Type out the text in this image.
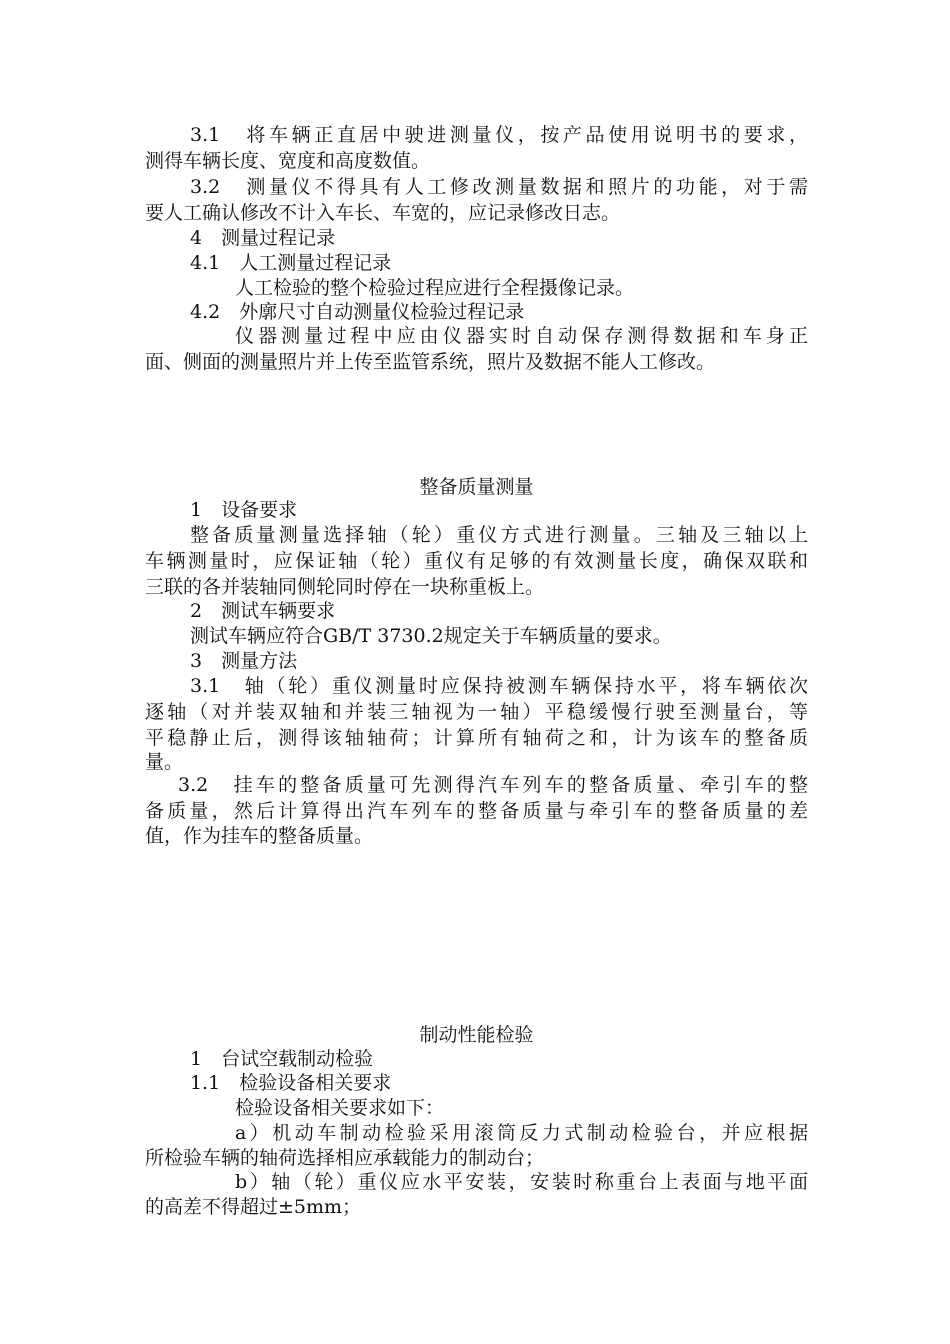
3.1　将车辆正直居中驶进测量仪，按产品使用说明书的要求，
测得车辆长度、宽度和高度数值。
3.2　测量仪不得具有人工修改测量数据和照片的功能，对于需
要人工确认修改不计入车长、车宽的，应记录修改日志。
4　测量过程记录
4.1　人工测量过程记录
人工检验的整个检验过程应进行全程摄像记录。
4.2　外廓尺寸自动测量仪检验过程记录
仪器测量过程中应由仪器实时自动保存测得数据和车身正
面、侧面的测量照片并上传至监管系统，照片及数据不能人工修改。
整备质量测量
1　设备要求
整备质量测量选择轴（轮）重仪方式进行测量。三轴及三轴以上
车辆测量时，应保证轴（轮）重仪有足够的有效测量长度，确保双联和
三联的各并装轴同侧轮同时停在一块称重板上。
2　测试车辆要求
测试车辆应符合GB/T 3730.2规定关于车辆质量的要求。
3　测量方法
3.1　轴（轮）重仪测量时应保持被测车辆保持水平，将车辆依次
逐轴（对并装双轴和并装三轴视为一轴）平稳缓慢行驶至测量台，等
平稳静止后，测得该轴轴荷；计算所有轴荷之和，计为该车的整备质
量。
3.2　挂车的整备质量可先测得汽车列车的整备质量、牵引车的整
备质量，然后计算得出汽车列车的整备质量与牵引车的整备质量的差
值，作为挂车的整备质量。
制动性能检验
1　台试空载制动检验
1.1　检验设备相关要求
检验设备相关要求如下：
a）机动车制动检验采用滚筒反力式制动检验台，并应根据
所检验车辆的轴荷选择相应承载能力的制动台；
b）轴（轮）重仪应水平安装，安装时称重台上表面与地平面
的高差不得超过±5mm；
